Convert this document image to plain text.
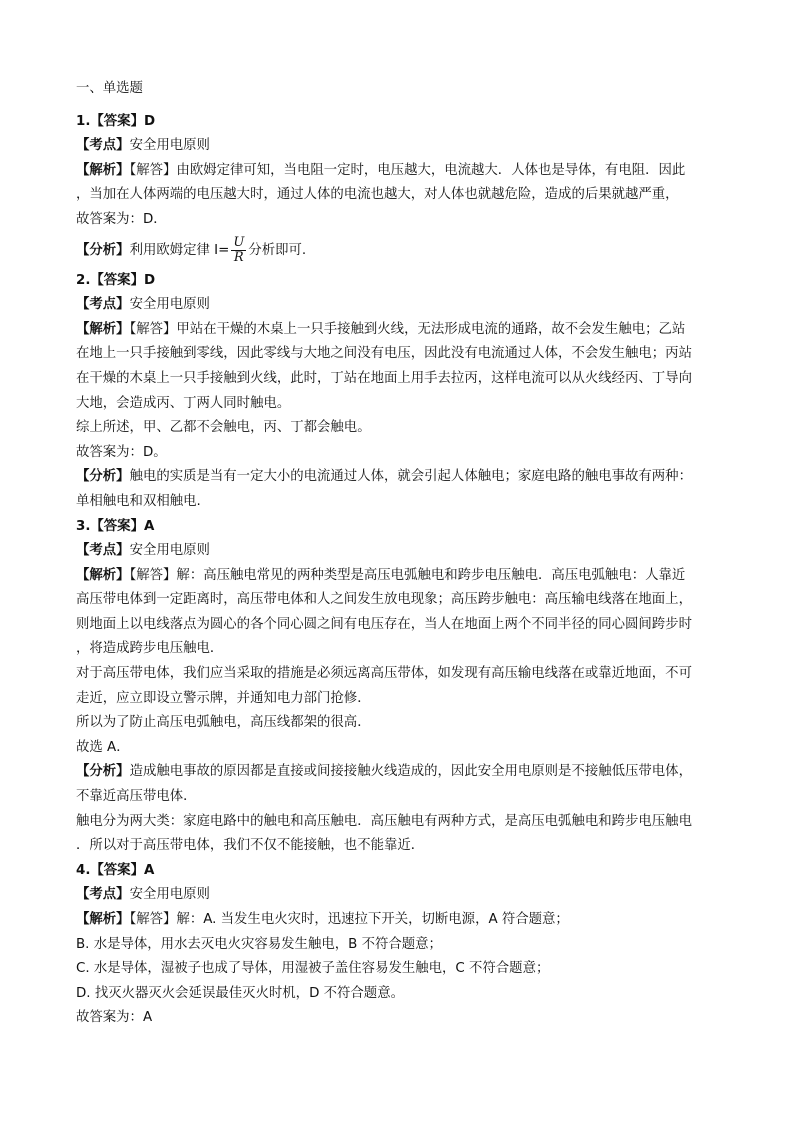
一、单选题
1.【答案】D
【考点】安全用电原则
【解析】【解答】由欧姆定律可知，当电阻一定时，电压越大，电流越大．人体也是导体，有电阻．因此
，当加在人体两端的电压越大时，通过人体的电流也越大，对人体也就越危险，造成的后果就越严重，
故答案为：D．
【分析】 利用欧姆定律 $I= \frac{U}{R}$ 分析即可.
2.【答案】D
【考点】安全用电原则
【解析】【解答】甲站在干燥的木桌上一只手接触到火线，无法形成电流的通路，故不会发生触电；乙站
在地上一只手接触到零线，因此零线与大地之间没有电压，因此没有电流通过人体，不会发生触电；丙站
在干燥的木桌上一只手接触到火线，此时，丁站在地面上用手去拉丙，这样电流可以从火线经丙、丁导向
大地，会造成丙、丁两人同时触电。
综上所述，甲、乙都不会触电，丙、丁都会触电。
故答案为：D。
【分析】触电的实质是当有一定大小的电流通过人体，就会引起人体触电；家庭电路的触电事故有两种：
单相触电和双相触电.
3.【答案】A
【考点】安全用电原则
【解析】【解答】解：高压触电常见的两种类型是高压电弧触电和跨步电压触电．高压电弧触电：人靠近
高压带电体到一定距离时，高压带电体和人之间发生放电现象；高压跨步触电：高压输电线落在地面上，
则地面上以电线落点为圆心的各个同心圆之间有电压存在，当人在地面上两个不同半径的同心圆间跨步时
，将造成跨步电压触电．
对于高压带电体，我们应当采取的措施是必须远离高压带体，如发现有高压输电线落在或靠近地面，不可
走近，应立即设立警示牌，并通知电力部门抢修．
所以为了防止高压电弧触电，高压线都架的很高．
故选 A．
【分析】造成触电事故的原因都是直接或间接接触火线造成的，因此安全用电原则是不接触低压带电体，
不靠近高压带电体．
触电分为两大类：家庭电路中的触电和高压触电．高压触电有两种方式，是高压电弧触电和跨步电压触电
．所以对于高压带电体，我们不仅不能接触，也不能靠近．
4.【答案】A
【考点】安全用电原则
【解析】【解答】解：A. 当发生电火灾时，迅速拉下开关，切断电源，A 符合题意；
B. 水是导体，用水去灭电火灾容易发生触电，B 不符合题意；
C. 水是导体，湿被子也成了导体，用湿被子盖住容易发生触电，C 不符合题意；
D. 找灭火器灭火会延误最佳灭火时机，D 不符合题意。
故答案为：A
